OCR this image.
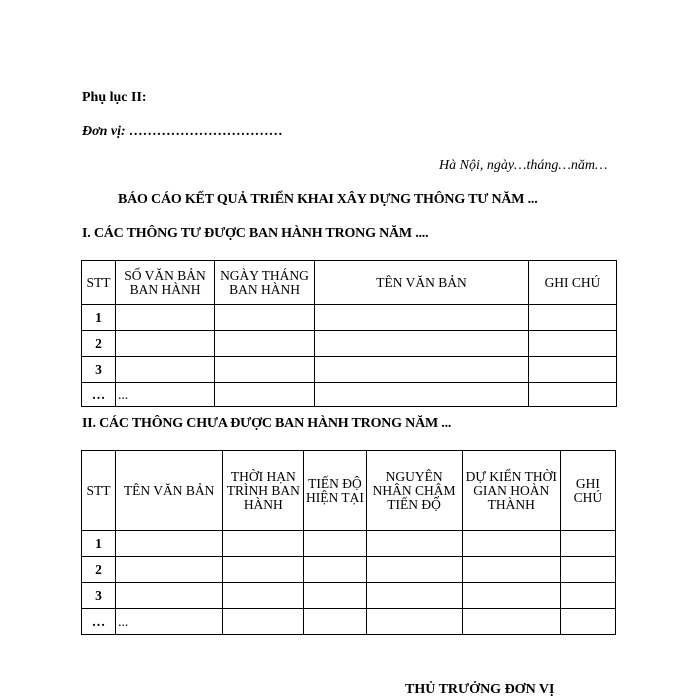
Phụ lục II:
Đơn vị: ……………………………
Hà Nội, ngày…tháng…năm…
BÁO CÁO KẾT QUẢ TRIỂN KHAI XÂY DỰNG THÔNG TƯ NĂM ...
I. CÁC THÔNG TƯ ĐƯỢC BAN HÀNH TRONG NĂM ....
STT	SỐ VĂN BẢN BAN HÀNH	NGÀY THÁNG BAN HÀNH	TÊN VĂN BẢN	GHI CHÚ
1				
2				
3				
…	...			
II. CÁC THÔNG CHƯA ĐƯỢC BAN HÀNH TRONG NĂM ...
STT	TÊN VĂN BẢN	THỜI HẠN TRÌNH BAN HÀNH	TIẾN ĐỘ HIỆN TẠI	NGUYÊN NHÂN CHẬM TIẾN ĐỘ	DỰ KIẾN THỜI GIAN HOÀN THÀNH	GHI CHÚ
1						
2						
3						
…	...					
THỦ TRƯỞNG ĐƠN VỊ
